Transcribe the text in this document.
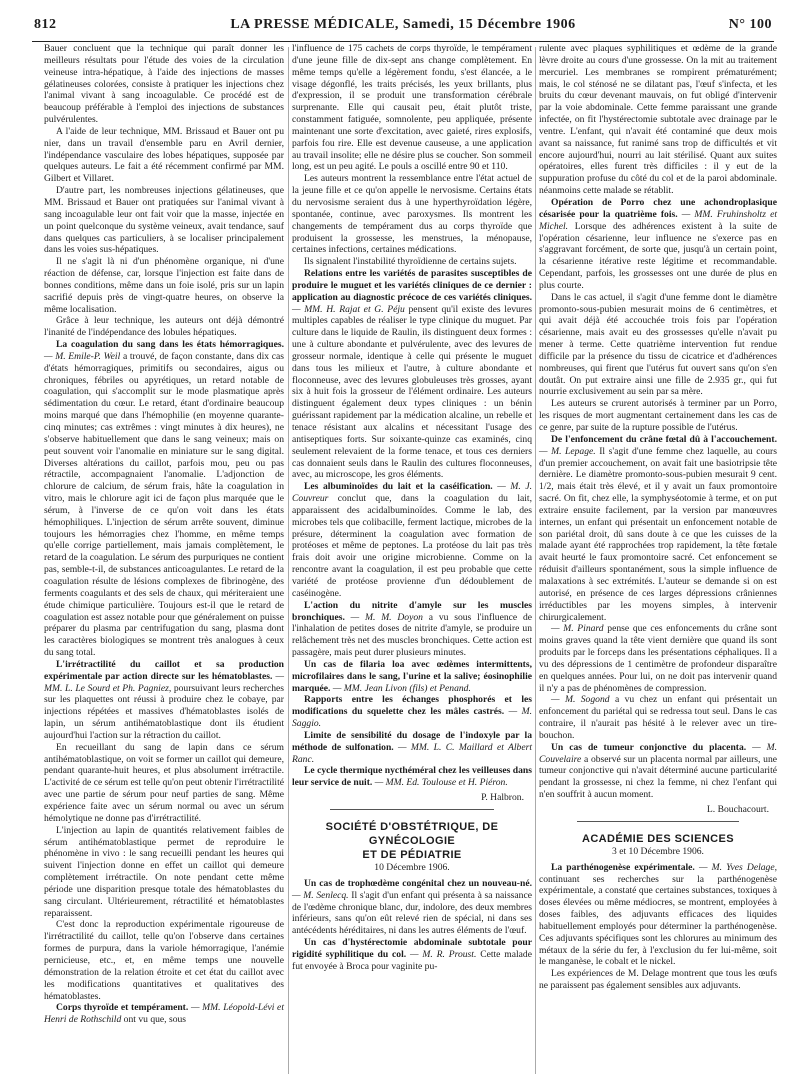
812	LA PRESSE MÉDICALE, Samedi, 15 Décembre 1906	N° 100

Bauer concluent que la technique qui paraît donner les meilleurs résultats pour l'étude des voies de la circulation veineuse intra-hépatique, à l'aide des injections de masses gélatineuses colorées, consiste à pratiquer les injections chez l'animal vivant à sang incoagulable. Ce procédé est de beaucoup préférable à l'emploi des injections de substances pulvérulentes.

A l'aide de leur technique, MM. Brissaud et Bauer ont pu nier, dans un travail d'ensemble paru en Avril dernier, l'indépendance vasculaire des lobes hépatiques, supposée par quelques auteurs. Le fait a été récemment confirmé par MM. Gilbert et Villaret.

D'autre part, les nombreuses injections gélatineuses, que MM. Brissaud et Bauer ont pratiquées sur l'animal vivant à sang incoagulable leur ont fait voir que la masse, injectée en un point quelconque du système veineux, avait tendance, sauf dans quelques cas particuliers, à se localiser principalement dans les voies sus-hépatiques.

Il ne s'agit là ni d'un phénomène organique, ni d'une réaction de défense, car, lorsque l'injection est faite dans de bonnes conditions, même dans un foie isolé, pris sur un lapin sacrifié depuis près de vingt-quatre heures, on observe la même localisation.

Grâce à leur technique, les auteurs ont déjà démontré l'inanité de l'indépendance des lobules hépatiques.

La coagulation du sang dans les états hémorragiques. — M. Emile-P. Weil a trouvé, de façon constante, dans dix cas d'états hémorragiques, primitifs ou secondaires, aigus ou chroniques, fébriles ou apyrétiques, un retard notable de coagulation, qui s'accomplit sur le mode plasmatique après sédimentation du cœur. Le retard, étant d'ordinaire beaucoup moins marqué que dans l'hémophilie (en moyenne quarante-cinq minutes; cas extrêmes : vingt minutes à dix heures), ne s'observe habituellement que dans le sang veineux; mais on peut souvent voir l'anomalie en miniature sur le sang digital. Diverses altérations du caillot, parfois mou, peu ou pas rétractile, accompagnaient l'anomalie. L'adjonction de chlorure de calcium, de sérum frais, hâte la coagulation in vitro, mais le chlorure agit ici de façon plus marquée que le sérum, à l'inverse de ce qu'on voit dans les états hémophiliques. L'injection de sérum arrête souvent, diminue toujours les hémorragies chez l'homme, en même temps qu'elle corrige partiellement, mais jamais complètement, le retard de la coagulation. Le sérum des purpuriques ne contient pas, semble-t-il, de substances anticoagulantes. Le retard de la coagulation résulte de lésions complexes de fibrinogène, des ferments coagulants et des sels de chaux, qui mériteraient une étude chimique particulière. Toujours est-il que le retard de coagulation est assez notable pour que généralement on puisse préparer du plasma par centrifugation du sang, plasma dont les caractères biologiques se montrent très analogues à ceux du sang total.

L'irrétractilité du caillot et sa production expérimentale par action directe sur les hématoblastes. — MM. L. Le Sourd et Ph. Pagniez, poursuivant leurs recherches sur les plaquettes ont réussi à produire chez le cobaye, par injections répétées et massives d'hématoblastes isolés de lapin, un sérum antihématoblastique dont ils étudient aujourd'hui l'action sur la rétraction du caillot.

En recueillant du sang de lapin dans ce sérum antihématoblastique, on voit se former un caillot qui demeure, pendant quarante-huit heures, et plus absolument irrétractile. L'activité de ce sérum est telle qu'on peut obtenir l'irrétractilité avec une partie de sérum pour neuf parties de sang. Même expérience faite avec un sérum normal ou avec un sérum hémolytique ne donne pas d'irrétractilité.

L'injection au lapin de quantités relativement faibles de sérum antihématoblastique permet de reproduire le phénomène in vivo : le sang recueilli pendant les heures qui suivent l'injection donne en effet un caillot qui demeure complètement irrétractile. On note pendant cette même période une disparition presque totale des hématoblastes du sang circulant. Ultérieurement, rétractilité et hématoblastes reparaissent.

C'est donc la reproduction expérimentale rigoureuse de l'irrétractilité du caillot, telle qu'on l'observe dans certaines formes de purpura, dans la variole hémorragique, l'anémie pernicieuse, etc., et, en même temps une nouvelle démonstration de la relation étroite et cet état du caillot avec les modifications quantitatives et qualitatives des hématoblastes.

Corps thyroïde et tempérament. — MM. Léopold-Lévi et Henri de Rothschild ont vu que, sous

l'influence de 175 cachets de corps thyroïde, le tempérament d'une jeune fille de dix-sept ans change complètement. En même temps qu'elle a légèrement fondu, s'est élancée, a le visage dégonflé, les traits précisés, les yeux brillants, plus d'expression, il se produit une transformation cérébrale surprenante. Elle qui causait peu, était plutôt triste, constamment fatiguée, somnolente, peu appliquée, présente maintenant une sorte d'excitation, avec gaieté, rires explosifs, parfois fou rire. Elle est devenue causeuse, a une application au travail insolite; elle ne désire plus se coucher. Son sommeil long, est un peu agité. Le pouls a oscillé entre 90 et 110.

Les auteurs montrent la ressemblance entre l'état actuel de la jeune fille et ce qu'on appelle le nervosisme. Certains états du nervosisme seraient dus à une hyperthyroïdation légère, spontanée, continue, avec paroxysmes. Ils montrent les changements de tempérament dus au corps thyroïde que produisent la grossesse, les menstrues, la ménopause, certaines infections, certaines médications.

Ils signalent l'instabilité thyroïdienne de certains sujets.

Relations entre les variétés de parasites susceptibles de produire le muguet et les variétés cliniques de ce dernier : application au diagnostic précoce de ces variétés cliniques. — MM. H. Rajat et G. Péju pensent qu'il existe des levures multiples capables de réaliser le type clinique du muguet. Par culture dans le liquide de Raulin, ils distinguent deux formes : une à culture abondante et pulvérulente, avec des levures de grosseur normale, identique à celle qui présente le muguet dans tous les milieux et l'autre, à culture abondante et floconneuse, avec des levures globuleuses très grosses, ayant six à huit fois la grosseur de l'élément ordinaire. Les auteurs distinguent également deux types cliniques : un bénin guérissant rapidement par la médication alcaline, un rebelle et tenace résistant aux alcalins et nécessitant l'usage des antiseptiques forts. Sur soixante-quinze cas examinés, cinq seulement relevaient de la forme tenace, et tous ces derniers cas donnaient seuls dans le Raulin des cultures floconneuses, avec, au microscope, les gros éléments.

Les albuminoïdes du lait et la caséification. — M. J. Couvreur conclut que, dans la coagulation du lait, apparaissent des acidalbuminoïdes. Comme le lab, des microbes tels que colibacille, ferment lactique, microbes de la présure, déterminent la coagulation avec formation de protéoses et même de peptones. La protéose du lait pas très frais doit avoir une origine microbienne. Comme on la rencontre avant la coagulation, il est peu probable que cette variété de protéose provienne d'un dédoublement de caséinogène.

L'action du nitrite d'amyle sur les muscles bronchiques. — M. M. Doyon a vu sous l'influence de l'inhalation de petites doses de nitrite d'amyle, se produire un relâchement très net des muscles bronchiques. Cette action est passagère, mais peut durer plusieurs minutes.

Un cas de filaria loa avec œdèmes intermittents, microfilaires dans le sang, l'urine et la salive; éosinophilie marquée. — MM. Jean Livon (fils) et Penand.

Rapports entre les échanges phosphorés et les modifications du squelette chez les mâles castrés. — M. Saggio.

Limite de sensibilité du dosage de l'indoxyle par la méthode de sulfonation. — MM. L. C. Maillard et Albert Ranc.

Le cycle thermique nycthéméral chez les veilleuses dans leur service de nuit. — MM. Ed. Toulouse et H. Piéron.

P. Halbron.

SOCIÉTÉ D'OBSTÉTRIQUE, DE GYNÉCOLOGIE
ET DE PÉDIATRIE
10 Décembre 1906.

Un cas de trophœdème congénital chez un nouveau-né. — M. Senlecq. Il s'agit d'un enfant qui présenta à sa naissance de l'œdème chronique blanc, dur, indolore, des deux membres inférieurs, sans qu'on eût relevé rien de spécial, ni dans ses antécédents héréditaires, ni dans les autres éléments de l'œuf.

Un cas d'hystérectomie abdominale subtotale pour rigidité syphilitique du col. — M. R. Proust. Cette malade fut envoyée à Broca pour vaginite pu-

rulente avec plaques syphilitiques et œdème de la grande lèvre droite au cours d'une grossesse. On la mit au traitement mercuriel. Les membranes se rompirent prématurément; mais, le col sténosé ne se dilatant pas, l'œuf s'infecta, et les bruits du cœur devenant mauvais, on fut obligé d'intervenir par la voie abdominale. Cette femme paraissant une grande infectée, on fit l'hystérectomie subtotale avec drainage par le ventre. L'enfant, qui n'avait été contaminé que deux mois avant sa naissance, fut ranimé sans trop de difficultés et vit encore aujourd'hui, nourri au lait stérilisé. Quant aux suites opératoires, elles furent très difficiles : il y eut de la suppuration profuse du côté du col et de la paroi abdominale. néanmoins cette malade se rétablit.

Opération de Porro chez une achondroplasique césarisée pour la quatrième fois. — MM. Fruhinsholtz et Michel. Lorsque des adhérences existent à la suite de l'opération césarienne, leur influence ne s'exerce pas en s'aggravant forcément, de sorte que, jusqu'à un certain point, la césarienne itérative reste légitime et recommandable. Cependant, parfois, les grossesses ont une durée de plus en plus courte.

Dans le cas actuel, il s'agit d'une femme dont le diamètre promonto-sous-pubien mesurait moins de 6 centimètres, et qui avait déjà été accouchée trois fois par l'opération césarienne, mais avait eu des grossesses qu'elle n'avait pu mener à terme. Cette quatrième intervention fut rendue difficile par la présence du tissu de cicatrice et d'adhérences nombreuses, qui firent que l'utérus fut ouvert sans qu'on s'en doutât. On put extraire ainsi une fille de 2.935 gr., qui fut nourrie exclusivement au sein par sa mère.

Les auteurs se crurent autorisés à terminer par un Porro, les risques de mort augmentant certainement dans les cas de ce genre, par suite de la rupture possible de l'utérus.

De l'enfoncement du crâne fœtal dû à l'accouchement. — M. Lepage. Il s'agit d'une femme chez laquelle, au cours d'un premier accouchement, on avait fait une basiotripsie tête dernière. Le diamètre promonto-sous-pubien mesurait 9 cent. 1/2, mais était très élevé, et il y avait un faux promontoire sacré. On fit, chez elle, la symphyséotomie à terme, et on put extraire ensuite facilement, par la version par manœuvres internes, un enfant qui présentait un enfoncement notable de son pariétal droit, dû sans doute à ce que les cuisses de la malade ayant été rapprochées trop rapidement, la tête fœtale avait heurté le faux promontoire sacré. Cet enfoncement se réduisit d'ailleurs spontanément, sous la simple influence de malaxations à sec extrémités. L'auteur se demande si on est autorisé, en présence de ces larges dépressions crâniennes irréductibles par les moyens simples, à intervenir chirurgicalement.

— M. Pinard pense que ces enfoncements du crâne sont moins graves quand la tête vient dernière que quand ils sont produits par le forceps dans les présentations céphaliques. Il a vu des dépressions de 1 centimètre de profondeur disparaître en quelques années. Pour lui, on ne doit pas intervenir quand il n'y a pas de phénomènes de compression.

— M. Sogond a vu chez un enfant qui présentait un enfoncement du pariétal qui se redressa tout seul. Dans le cas contraire, il n'aurait pas hésité à le relever avec un tire-bouchon.

Un cas de tumeur conjonctive du placenta. — M. Couvelaire a observé sur un placenta normal par ailleurs, une tumeur conjonctive qui n'avait déterminé aucune particularité pendant la grossesse, ni chez la femme, ni chez l'enfant qui n'en souffrit à aucun moment.

L. Bouchacourt.

ACADÉMIE DES SCIENCES
3 et 10 Décembre 1906.

La parthénogenèse expérimentale. — M. Yves Delage, continuant ses recherches sur la parthénogenèse expérimentale, a constaté que certaines substances, toxiques à doses élevées ou même médiocres, se montrent, employées à doses faibles, des adjuvants efficaces des liquides habituellement employés pour déterminer la parthénogenèse. Ces adjuvants spécifiques sont les chlorures au minimum des métaux de la série du fer, à l'exclusion du fer lui-même, soit le manganèse, le cobalt et le nickel.

Les expériences de M. Delage montrent que tous les œufs ne paraissent pas également sensibles aux adjuvants.
